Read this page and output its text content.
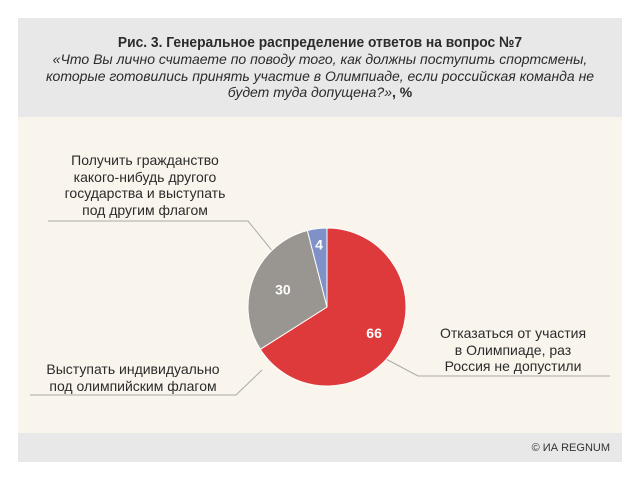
Рис. 3. Генеральное распределение ответов на вопрос №7
«Что Вы лично считаете по поводу того, как должны поступить спортсмены, которые готовились принять участие в Олимпиаде, если российская команда не будет туда допущена?», %
66
30
4
Получить гражданство
какого-нибудь другого
государства и выступать
под другим флагом
Выступать индивидуально
под олимпийским флагом
Отказаться от участия
в Олимпиаде, раз
Россия не допустили
© ИА REGNUM
